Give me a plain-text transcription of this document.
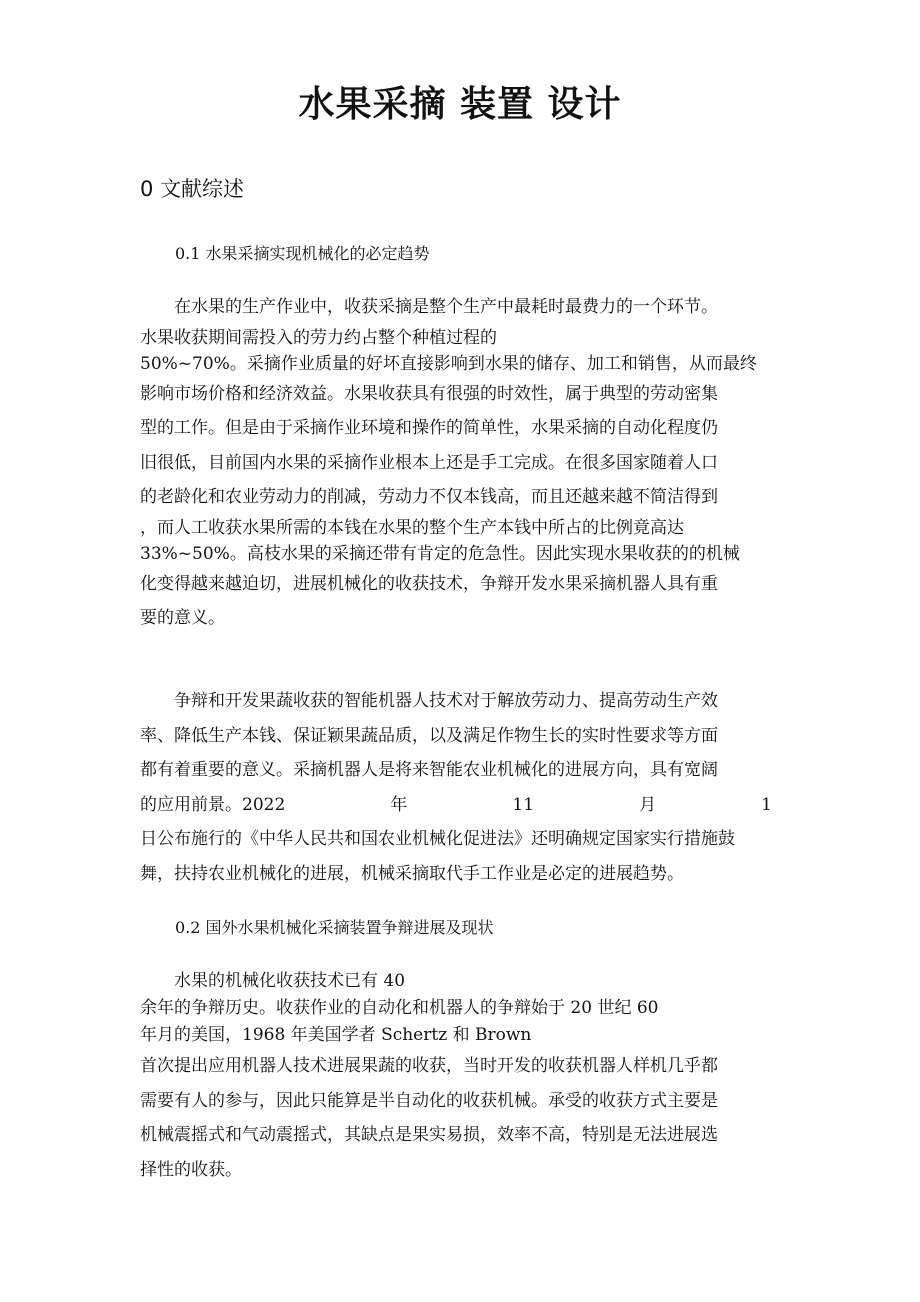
水果采摘 装置 设计
0 文献综述
0.1 水果采摘实现机械化的必定趋势
在水果的生产作业中，收获采摘是整个生产中最耗时最费力的一个环节。
水果收获期间需投入的劳力约占整个种植过程的
50%~70%。采摘作业质量的好坏直接影响到水果的储存、加工和销售，从而最终
影响市场价格和经济效益。水果收获具有很强的时效性，属于典型的劳动密集
型的工作。但是由于采摘作业环境和操作的简单性，水果采摘的自动化程度仍
旧很低，目前国内水果的采摘作业根本上还是手工完成。在很多国家随着人口
的老龄化和农业劳动力的削减，劳动力不仅本钱高，而且还越来越不简洁得到
，而人工收获水果所需的本钱在水果的整个生产本钱中所占的比例竟高达
33%~50%。高枝水果的采摘还带有肯定的危急性。因此实现水果收获的的机械
化变得越来越迫切，进展机械化的收获技术，争辩开发水果采摘机器人具有重
要的意义。
争辩和开发果蔬收获的智能机器人技术对于解放劳动力、提高劳动生产效
率、降低生产本钱、保证颖果蔬品质，以及满足作物生长的实时性要求等方面
都有着重要的意义。采摘机器人是将来智能农业机械化的进展方向，具有宽阔
的应用前景。2022	年	11	月	1
日公布施行的《中华人民共和国农业机械化促进法》还明确规定国家实行措施鼓
舞，扶持农业机械化的进展，机械采摘取代手工作业是必定的进展趋势。
0.2 国外水果机械化采摘装置争辩进展及现状
水果的机械化收获技术已有 40
余年的争辩历史。收获作业的自动化和机器人的争辩始于 20 世纪 60
年月的美国，1968 年美国学者 Schertz 和 Brown
首次提出应用机器人技术进展果蔬的收获，当时开发的收获机器人样机几乎都
需要有人的参与，因此只能算是半自动化的收获机械。承受的收获方式主要是
机械震摇式和气动震摇式，其缺点是果实易损，效率不高，特别是无法进展选
择性的收获。
